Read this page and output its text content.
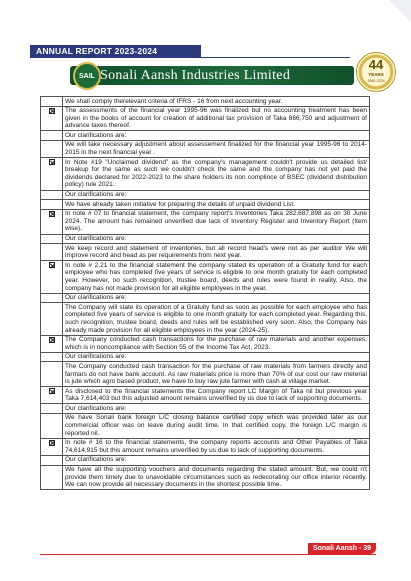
ANNUAL REPORT 2023-2024
SAIL Sonali Aansh Industries Limited
44
YEARS
1980-2024
	We shall comply therelevant criteria of IFRS - 16 from next accounting year.
	The assessments of the financial year 1995-96 was finalized but no accounting treatment has been given in the books of account for creation of additional tax provision of Taka 866,750 and adjustment of advance taxes thereof.
	Our clarifications are:
	We will take necessary adjustment about assessement finalized for the financial year 1995-96 to 2014-2015 in the next financial year .
	In Note #19 "Unclaimed dividend" as the company's management couldn't provide us detailed list/ breakup for the same as such we couldn't check the same and the company has not yet paid the dividends declared for 2022-2023 to the share holders its non complince of BSEC (dividend distribution policy) rule 2021.
	Our clarifications are:
	We have already taken initiative for preparing the details of unpaid dividend List.
	In note # 07 to financial statement, the company report's Inventories Taka 282,687,898 as on 30 June 2024. The amount has remained unverified due lack of Inventory Register and Inventory Report (Item wise).
	Our clarifications are:
	We keep record and statement of inventories, but all record head's were not as per auditor We will improve record and head as per requirements from next year.
	In note # 2.21 to the financial statement the company stated its operation of a Gratuity fund for each employee who has completed five years of service is eligible to one month gratuity for each completed year. However, no such recognition, trustee board, deeds and rules were found in reality. Also, the company has not made provision for all eligible employees in the year.
	Our clarifications are:
	The Company will state its operation of a Gratuity fund as soon as possible for each employee who has completed five years of service is eligible to one month gratuity for each completed year. Regarding this, such recognition, trustee board, deeds and rules will be established very soon. Also, the Company has already made provision for all eligible employees in the year (2024-25).
	The Company conducted cash transactions for the purchase of raw materials and another expenses, which is in noncompliance with Section 55 of the Income Tax Act, 2023.
	Our clarifications are:
	The Company conducted cash transaction for the purchase of raw materials from farmers directly and farmars do not have bank account. As raw materials price is more than 70% of our cost our raw meterial is jute which agro based product, we have to buy raw jute farmer with cash at village market.
	As disclosed to the financial statements the Company report LC Margin of Taka nil but previous year Taka 7,614,403 but this adjusted amount remains unverified by us due to lack of supporting documents.
	Our clarifications are:
	We have Sonali bank foreign L/C closing balance certified copy which was provided later as our commercial officer was on leave during audit time. In that certified copy, the foreign L/C margin is reported nil.
	In note # 16 to the financial statements, the company reports accounts and Other Payables of Taka 74,614,915 but this amount remains unverified by us due to lack of supporting documents.
	Our clarifications are:
	We have all the supporting vouchers and documents regarding the stated amount. But, we could n't provide them timely due to unavoidable circumstances such as redecorating our office interior recently. We can now provide all necessary documents in the shortest possible time.
Sonali Aansh - 39
